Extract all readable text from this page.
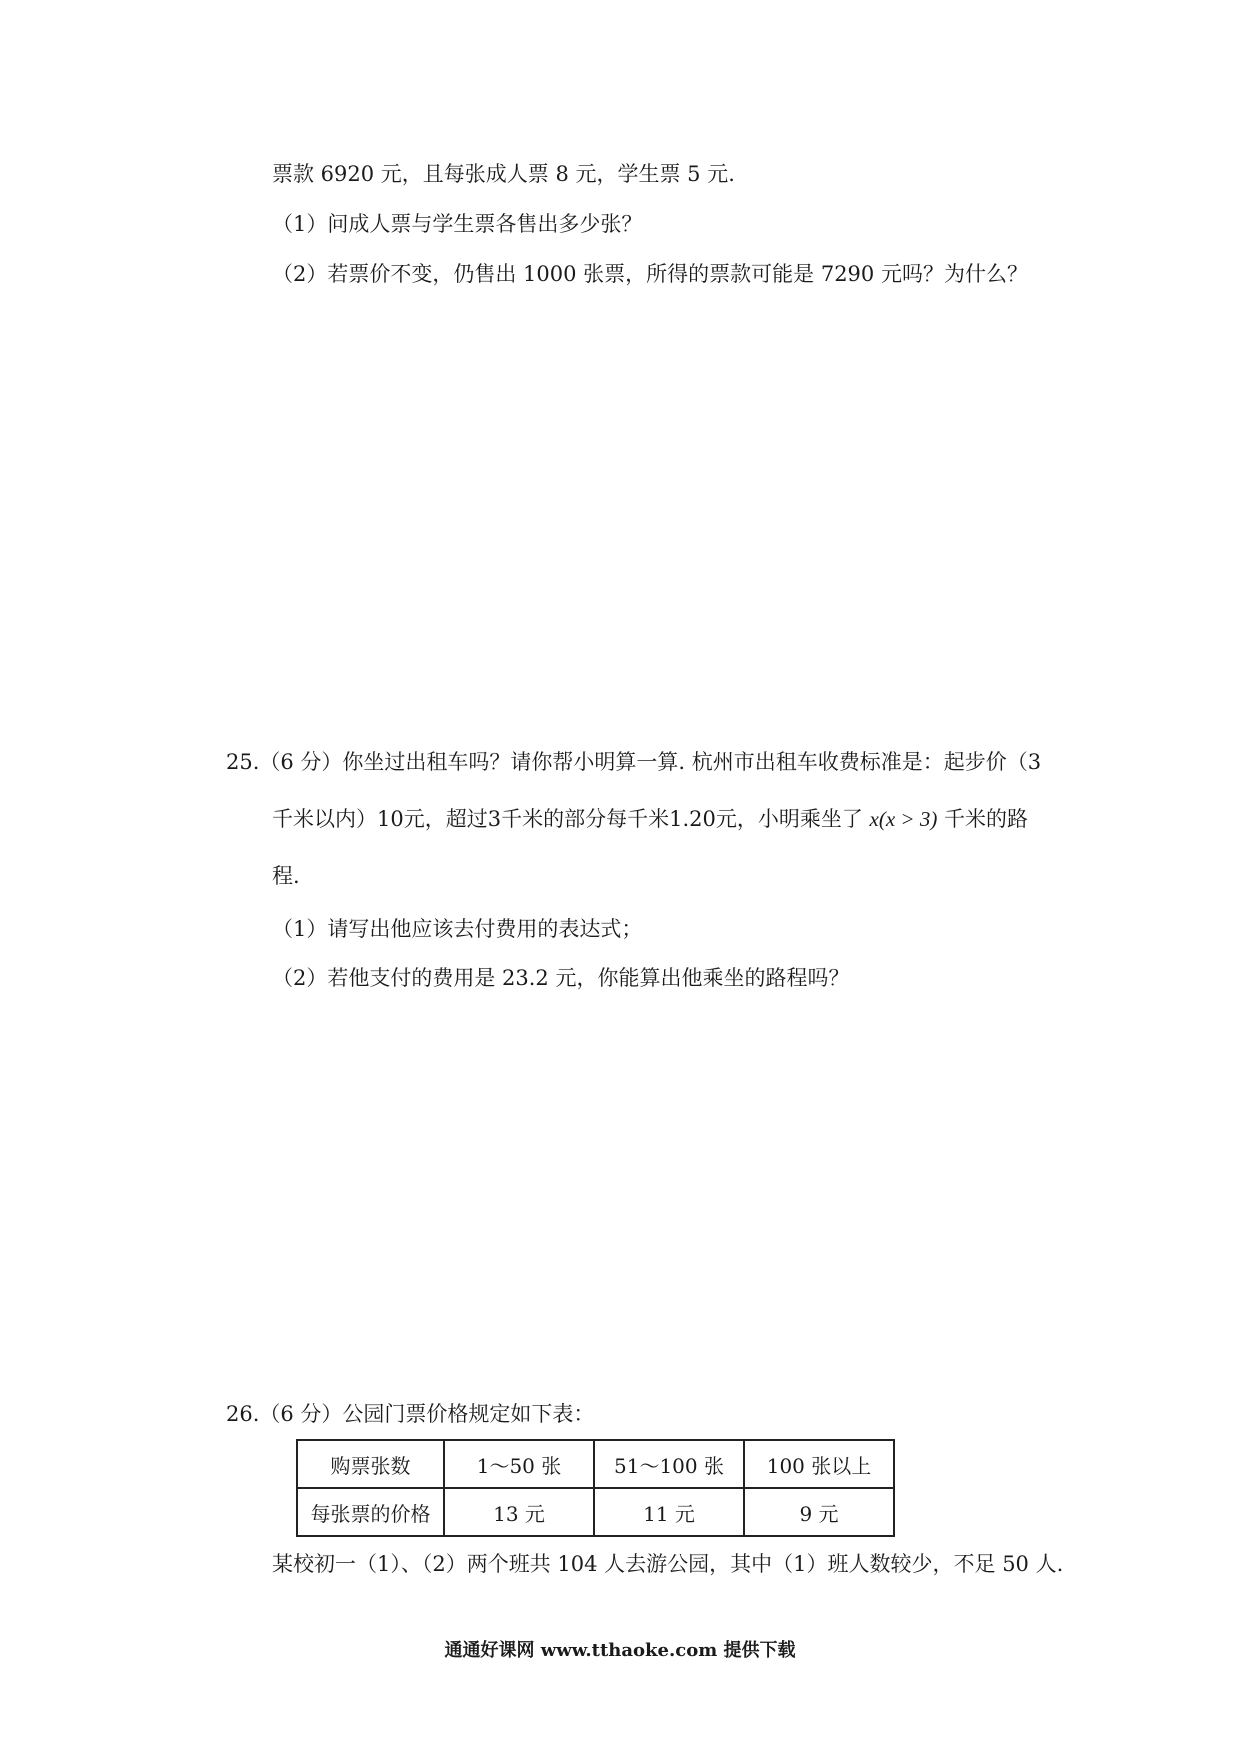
票款 6920 元，且每张成人票 8 元，学生票 5 元.
（1）问成人票与学生票各售出多少张？
（2）若票价不变，仍售出 1000 张票，所得的票款可能是 7290 元吗？为什么？
25.（6 分）你坐过出租车吗？请你帮小明算一算. 杭州市出租车收费标准是：起步价（3
千米以内）10元，超过3千米的部分每千米1.20元，小明乘坐了 x(x > 3) 千米的路
程.
（1）请写出他应该去付费用的表达式；
（2）若他支付的费用是 23.2 元，你能算出他乘坐的路程吗？
26.（6 分）公园门票价格规定如下表：
购票张数	1～50 张	51～100 张	100 张以上
每张票的价格	13 元	11 元	9 元
某校初一（1）、（2）两个班共 104 人去游公园，其中（1）班人数较少，不足 50 人.
通通好课网 www.tthaoke.com 提供下载
